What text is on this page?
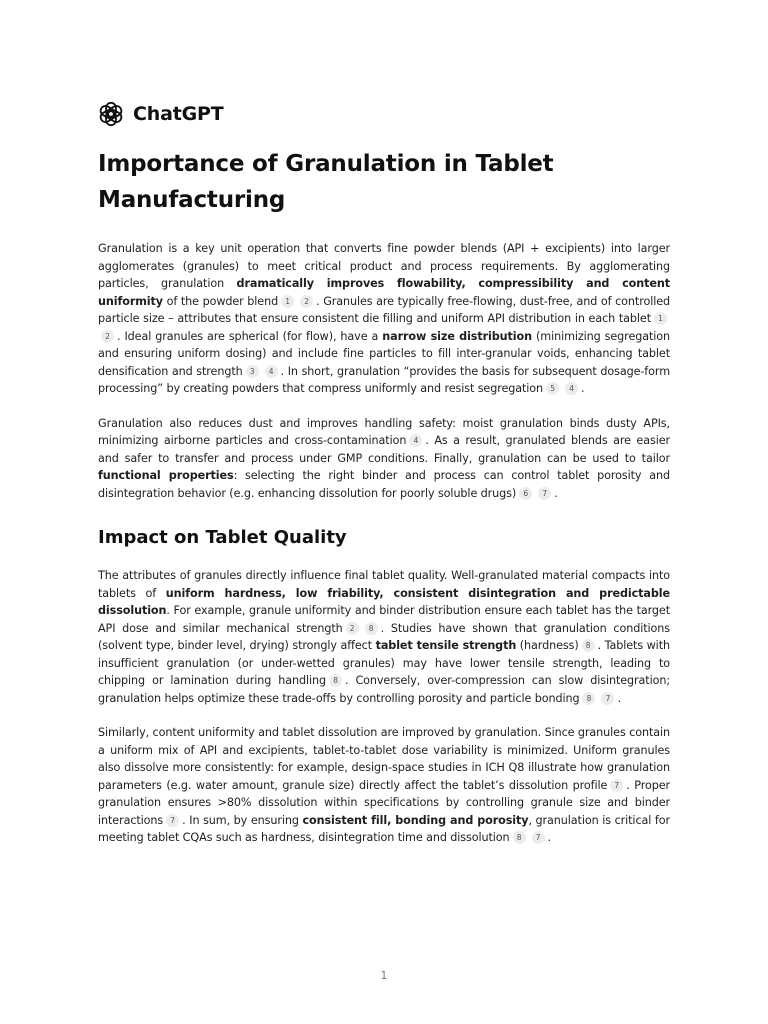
ChatGPT
Importance of Granulation in Tablet Manufacturing

Granulation is a key unit operation that converts fine powder blends (API + excipients) into larger agglomerates (granules) to meet critical product and process requirements. By agglomerating particles, granulation dramatically improves flowability, compressibility and content uniformity of the powder blend 1 2 . Granules are typically free-flowing, dust-free, and of controlled particle size – attributes that ensure consistent die filling and uniform API distribution in each tablet 12 . Ideal granules are spherical (for flow), have a narrow size distribution (minimizing segregation and ensuring uniform dosing) and include fine particles to fill inter-granular voids, enhancing tablet densification and strength 3 4 . In short, granulation “provides the basis for subsequent dosage-form processing” by creating powders that compress uniformly and resist segregation 5 4 .

Granulation also reduces dust and improves handling safety: moist granulation binds dusty APIs, minimizing airborne particles and cross-contamination 4 . As a result, granulated blends are easier and safer to transfer and process under GMP conditions. Finally, granulation can be used to tailor functional properties: selecting the right binder and process can control tablet porosity and disintegration behavior (e.g. enhancing dissolution for poorly soluble drugs) 6 7 .

Impact on Tablet Quality

The attributes of granules directly influence final tablet quality. Well-granulated material compacts into tablets of uniform hardness, low friability, consistent disintegration and predictable dissolution. For example, granule uniformity and binder distribution ensure each tablet has the target API dose and similar mechanical strength 2 8 . Studies have shown that granulation conditions (solvent type, binder level, drying) strongly affect tablet tensile strength (hardness) 8 . Tablets with insufficient granulation (or under-wetted granules) may have lower tensile strength, leading to chipping or lamination during handling 8 . Conversely, over-compression can slow disintegration; granulation helps optimize these trade-offs by controlling porosity and particle bonding 8 7 .

Similarly, content uniformity and tablet dissolution are improved by granulation. Since granules contain a uniform mix of API and excipients, tablet-to-tablet dose variability is minimized. Uniform granules also dissolve more consistently: for example, design-space studies in ICH Q8 illustrate how granulation parameters (e.g. water amount, granule size) directly affect the tablet’s dissolution profile 7 . Proper granulation ensures >80% dissolution within specifications by controlling granule size and binder interactions 7 . In sum, by ensuring consistent fill, bonding and porosity, granulation is critical for meeting tablet CQAs such as hardness, disintegration time and dissolution 8 7 .

1
